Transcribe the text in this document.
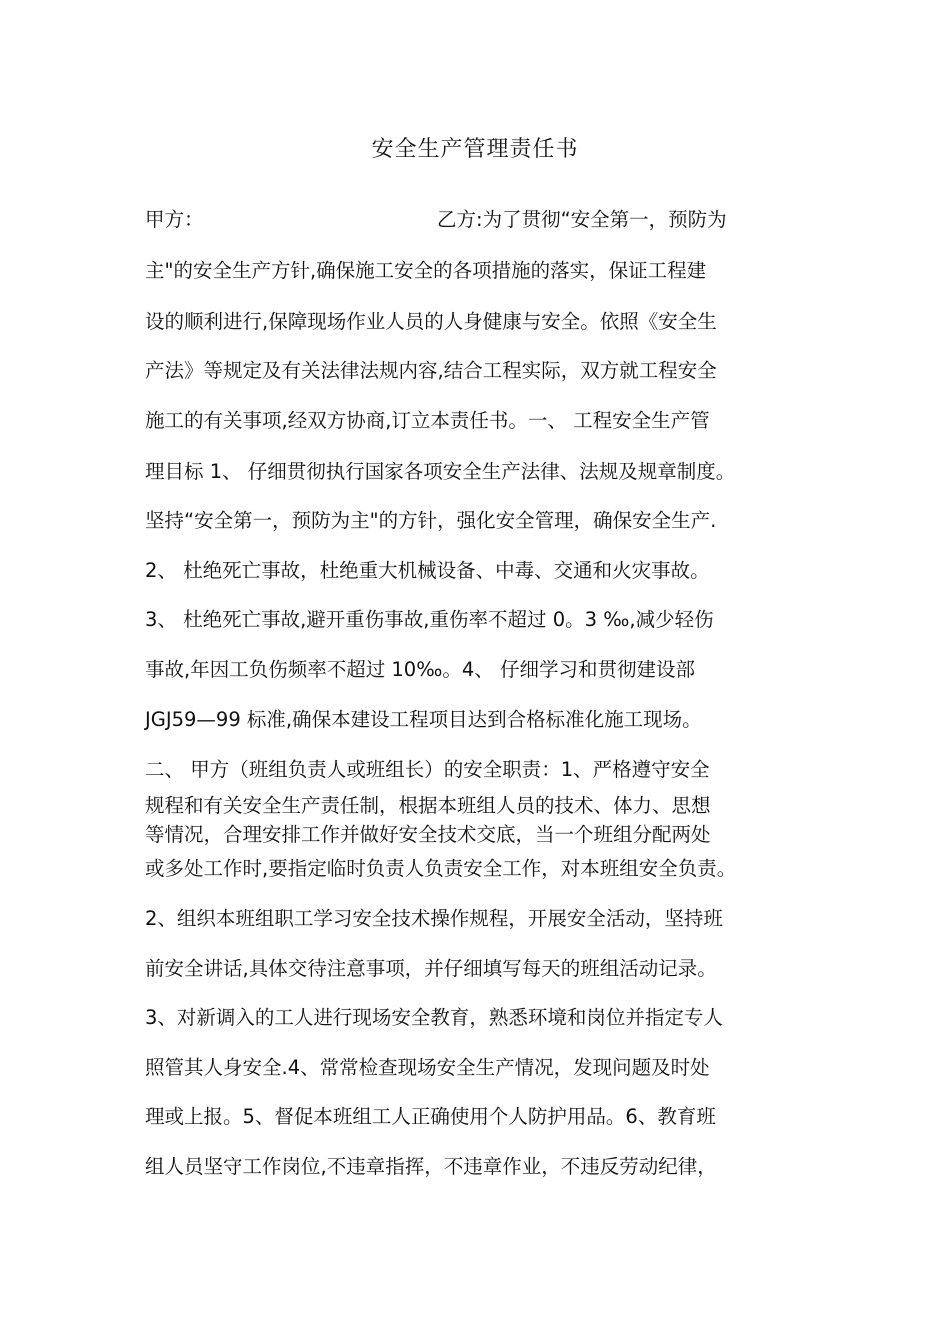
安全生产管理责任书
甲方：	乙方:为了贯彻“安全第一，预防为
主"的安全生产方针,确保施工安全的各项措施的落实，保证工程建
设的顺利进行,保障现场作业人员的人身健康与安全。依照《安全生
产法》等规定及有关法律法规内容,结合工程实际，双方就工程安全
施工的有关事项,经双方协商,订立本责任书。一、 工程安全生产管
理目标 1、 仔细贯彻执行国家各项安全生产法律、法规及规章制度。
坚持“安全第一，预防为主"的方针，强化安全管理，确保安全生产.
2、 杜绝死亡事故，杜绝重大机械设备、中毒、交通和火灾事故。
3、 杜绝死亡事故,避开重伤事故,重伤率不超过 0。3 ‰,减少轻伤
事故,年因工负伤频率不超过 10‰。4、 仔细学习和贯彻建设部
JGJ59—99 标准,确保本建设工程项目达到合格标准化施工现场。
二、 甲方（班组负责人或班组长）的安全职责：1、严格遵守安全
规程和有关安全生产责任制，根据本班组人员的技术、体力、思想
等情况，合理安排工作并做好安全技术交底，当一个班组分配两处
或多处工作时,要指定临时负责人负责安全工作，对本班组安全负责。
2、组织本班组职工学习安全技术操作规程，开展安全活动，坚持班
前安全讲话,具体交待注意事项，并仔细填写每天的班组活动记录。
3、对新调入的工人进行现场安全教育，熟悉环境和岗位并指定专人
照管其人身安全.4、常常检查现场安全生产情况，发现问题及时处
理或上报。5、督促本班组工人正确使用个人防护用品。6、教育班
组人员坚守工作岗位,不违章指挥，不违章作业，不违反劳动纪律，
